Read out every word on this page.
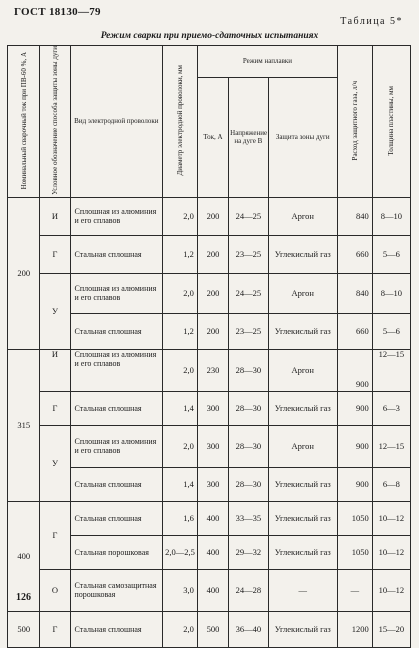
ГОСТ 18130—79
Таблица 5*
Режим сварки при приемо-сдаточных испытаниях
Номинальный сварочный ток при ПВ-60 %, А	Условное обозначение способа защиты зоны дуги	Вид электродной проволоки	Диаметр электродной проволоки, мм	Режим наплавки			Расход защитного газа, л/ч	Толщина пластины, мм
				Ток, А	Напряжение на дуге В	Защита зоны дуги		
200	И	Сплошная из алюминия и его сплавов	2,0	200	24—25	Аргон	840	8—10
	Г	Стальная сплошная	1,2	200	23—25	Углекислый газ	660	5—6
	У	Сплошная из алюминия и его сплавов	2,0	200	24—25	Аргон	840	8—10
		Стальная сплошная	1,2	200	23—25	Углекислый газ	660	5—6
315	И	Сплошная из алюминия и его сплавов	2,0	230	28—30	Аргон	900	12—15
	Г	Стальная сплошная	1,4	300	28—30	Углекислый газ	900	6—3
	У	Сплошная из алюминия и его сплавов	2,0	300	28—30	Аргон	900	12—15
		Стальная сплошная	1,4	300	28—30	Углекислый газ	900	6—8
400	Г	Стальная сплошная	1,6	400	33—35	Углекислый газ	1050	10—12
		Стальная порошковая	2,0—2,5	400	29—32	Углекислый газ	1050	10—12
	О	Стальная самозащитная порошковая	3,0	400	24—28	—	—	10—12
500	Г	Стальная сплошная	2,0	500	36—40	Углекислый газ	1200	15—20
126
